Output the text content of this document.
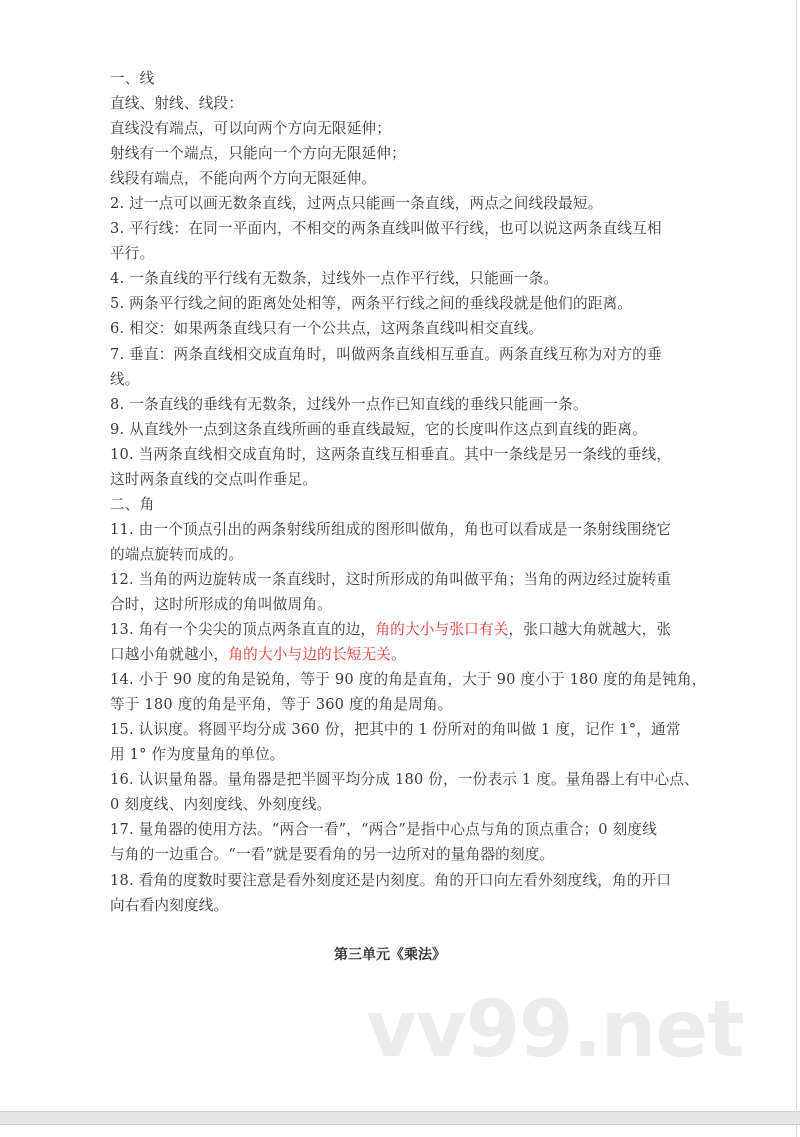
一、线
直线、射线、线段：
直线没有端点，可以向两个方向无限延伸；
射线有一个端点，只能向一个方向无限延伸；
线段有端点，不能向两个方向无限延伸。
2. 过一点可以画无数条直线，过两点只能画一条直线，两点之间线段最短。
3. 平行线：在同一平面内，不相交的两条直线叫做平行线，也可以说这两条直线互相
平行。
4. 一条直线的平行线有无数条，过线外一点作平行线，只能画一条。
5. 两条平行线之间的距离处处相等，两条平行线之间的垂线段就是他们的距离。
6. 相交：如果两条直线只有一个公共点，这两条直线叫相交直线。
7. 垂直：两条直线相交成直角时，叫做两条直线相互垂直。两条直线互称为对方的垂
线。
8. 一条直线的垂线有无数条，过线外一点作已知直线的垂线只能画一条。
9. 从直线外一点到这条直线所画的垂直线最短，它的长度叫作这点到直线的距离。
10. 当两条直线相交成直角时，这两条直线互相垂直。其中一条线是另一条线的垂线，
这时两条直线的交点叫作垂足。
二、角
11. 由一个顶点引出的两条射线所组成的图形叫做角，角也可以看成是一条射线围绕它
的端点旋转而成的。
12. 当角的两边旋转成一条直线时，这时所形成的角叫做平角；当角的两边经过旋转重
合时，这时所形成的角叫做周角。
13. 角有一个尖尖的顶点两条直直的边，角的大小与张口有关，张口越大角就越大，张
口越小角就越小，角的大小与边的长短无关。
14. 小于 90 度的角是锐角，等于 90 度的角是直角，大于 90 度小于 180 度的角是钝角，
等于 180 度的角是平角，等于 360 度的角是周角。
15. 认识度。将圆平均分成 360 份，把其中的 1 份所对的角叫做 1 度，记作 1°，通常
用 1° 作为度量角的单位。
16. 认识量角器。量角器是把半圆平均分成 180 份，一份表示 1 度。量角器上有中心点、
0 刻度线、内刻度线、外刻度线。
17. 量角器的使用方法。“两合一看”，“两合”是指中心点与角的顶点重合；0 刻度线
与角的一边重合。“一看”就是要看角的另一边所对的量角器的刻度。
18. 看角的度数时要注意是看外刻度还是内刻度。角的开口向左看外刻度线，角的开口
向右看内刻度线。
第三单元《乘法》
vv99.net
